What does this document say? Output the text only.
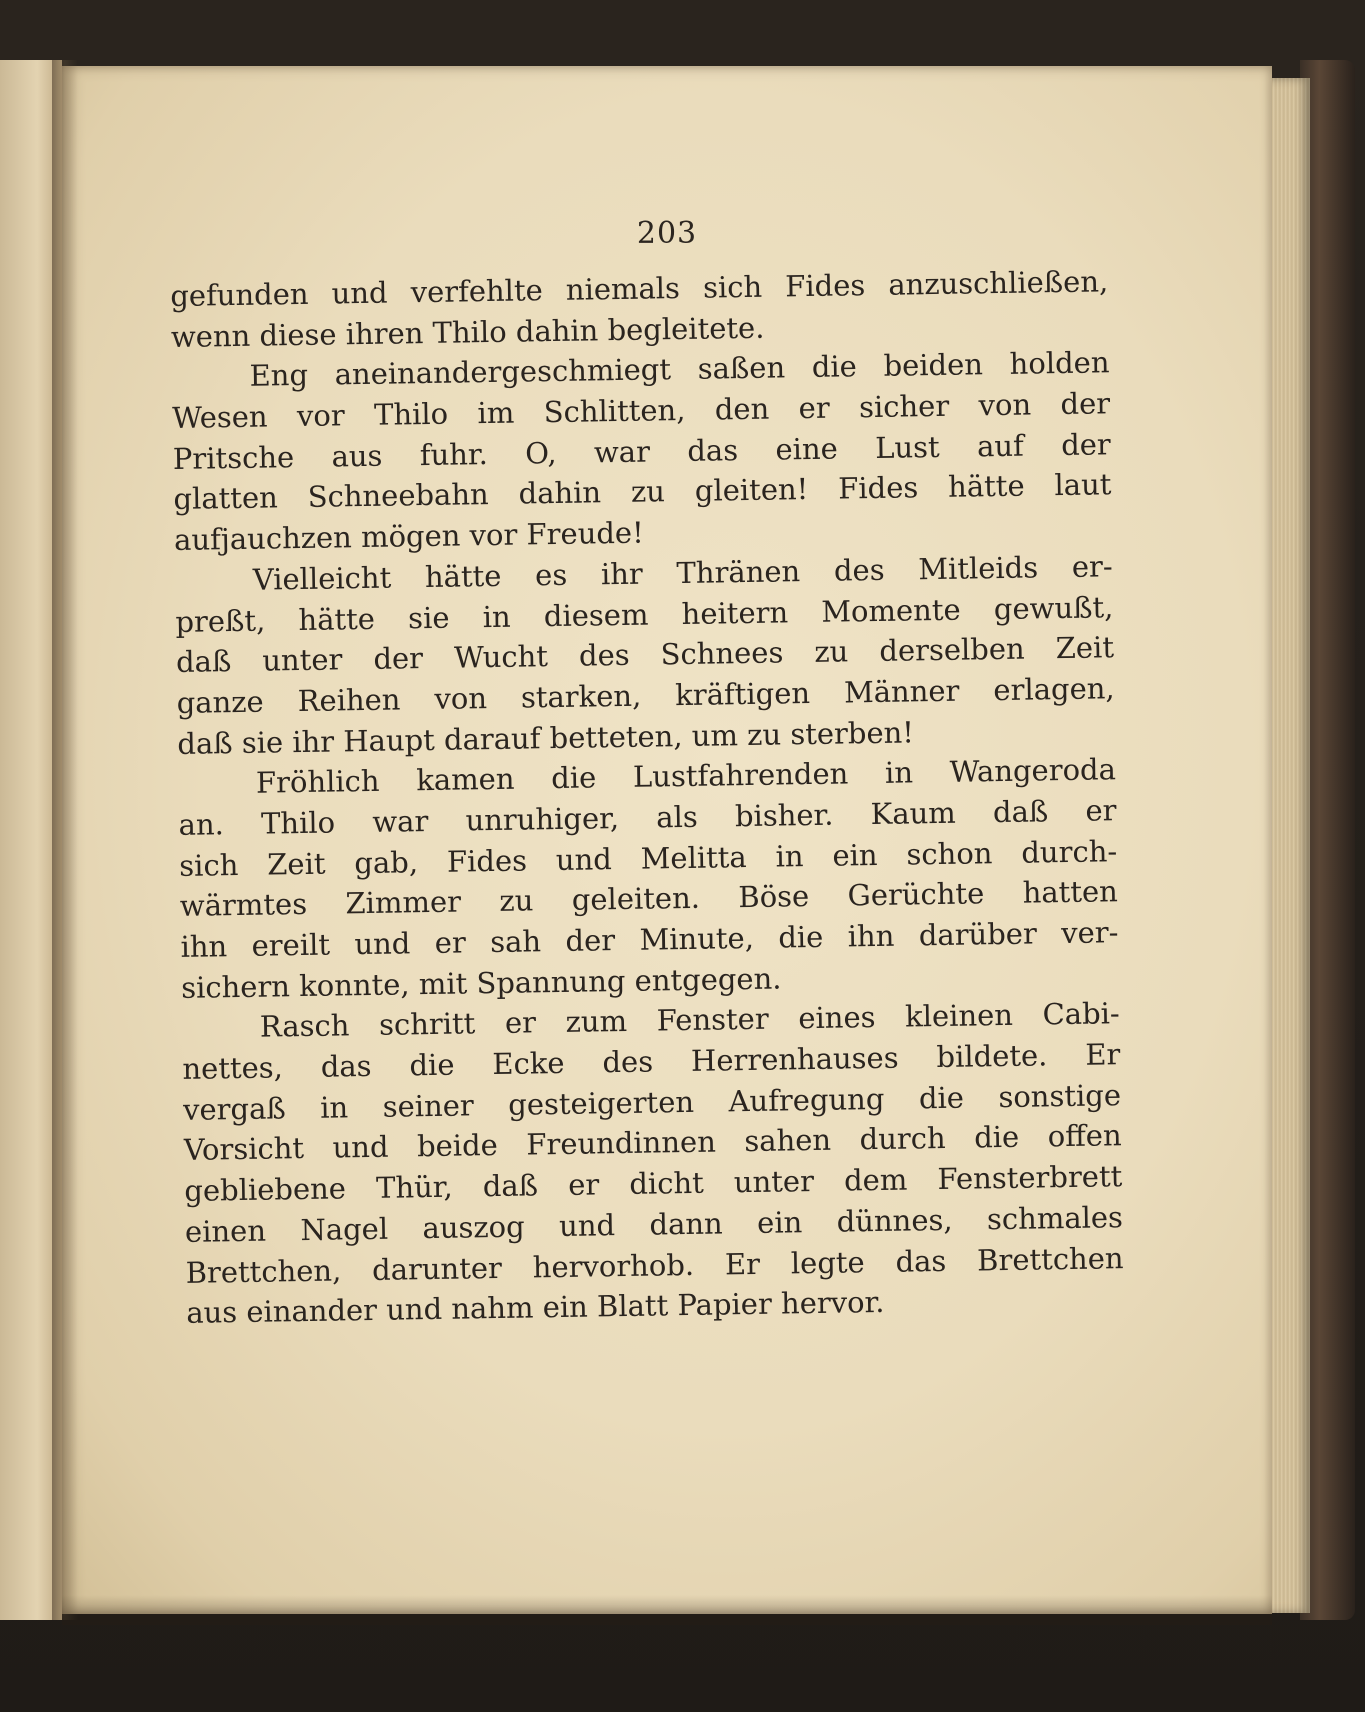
203
gefunden und verfehlte niemals sich Fides anzuschließen,
wenn diese ihren Thilo dahin begleitete.
Eng aneinandergeschmiegt saßen die beiden holden
Wesen vor Thilo im Schlitten, den er sicher von der
Pritsche aus fuhr. O, war das eine Lust auf der
glatten Schneebahn dahin zu gleiten! Fides hätte laut
aufjauchzen mögen vor Freude!
Vielleicht hätte es ihr Thränen des Mitleids er-
preßt, hätte sie in diesem heitern Momente gewußt,
daß unter der Wucht des Schnees zu derselben Zeit
ganze Reihen von starken, kräftigen Männer erlagen,
daß sie ihr Haupt darauf betteten, um zu sterben!
Fröhlich kamen die Lustfahrenden in Wangeroda
an. Thilo war unruhiger, als bisher. Kaum daß er
sich Zeit gab, Fides und Melitta in ein schon durch-
wärmtes Zimmer zu geleiten. Böse Gerüchte hatten
ihn ereilt und er sah der Minute, die ihn darüber ver-
sichern konnte, mit Spannung entgegen.
Rasch schritt er zum Fenster eines kleinen Cabi-
nettes, das die Ecke des Herrenhauses bildete. Er
vergaß in seiner gesteigerten Aufregung die sonstige
Vorsicht und beide Freundinnen sahen durch die offen
gebliebene Thür, daß er dicht unter dem Fensterbrett
einen Nagel auszog und dann ein dünnes, schmales
Brettchen, darunter hervorhob. Er legte das Brettchen
aus einander und nahm ein Blatt Papier hervor.
